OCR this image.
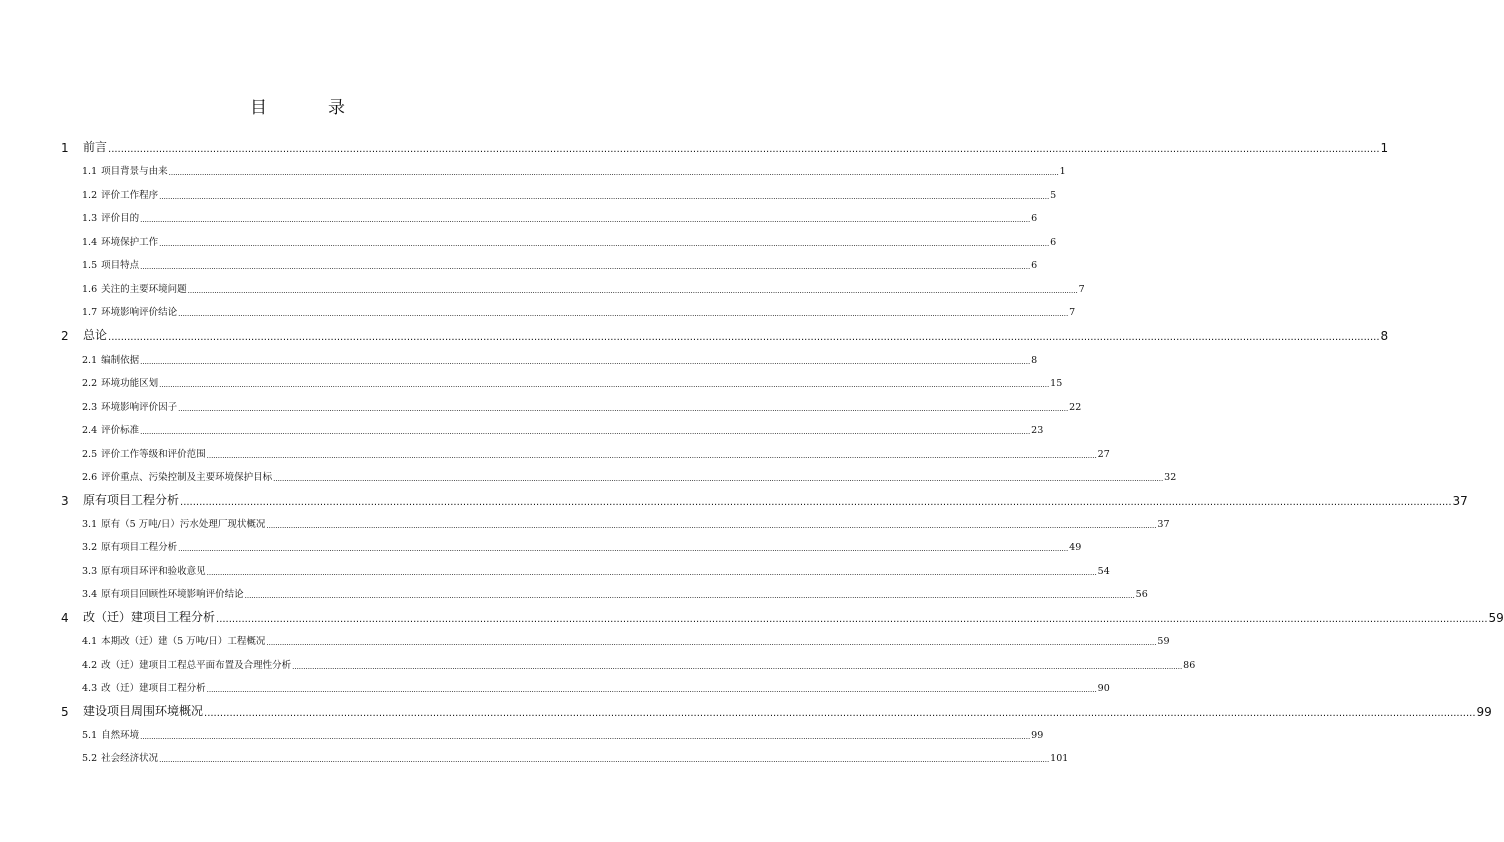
目　录
1	前言 ................................................................................................................................................................................................................................................................................................................................................................................................................ 1
1.1 项目背景与由来 ................................................................................................................................................................................................................................................................................................................................................................................................................ 1
1.2 评价工作程序 ................................................................................................................................................................................................................................................................................................................................................................................................................ 5
1.3 评价目的 ................................................................................................................................................................................................................................................................................................................................................................................................................ 6
1.4 环境保护工作 ................................................................................................................................................................................................................................................................................................................................................................................................................ 6
1.5 项目特点 ................................................................................................................................................................................................................................................................................................................................................................................................................ 6
1.6 关注的主要环境问题 ................................................................................................................................................................................................................................................................................................................................................................................................................ 7
1.7 环境影响评价结论 ................................................................................................................................................................................................................................................................................................................................................................................................................ 7
2	总论 ................................................................................................................................................................................................................................................................................................................................................................................................................ 8
2.1 编制依据 ................................................................................................................................................................................................................................................................................................................................................................................................................ 8
2.2 环境功能区划 ................................................................................................................................................................................................................................................................................................................................................................................................................ 15
2.3 环境影响评价因子 ................................................................................................................................................................................................................................................................................................................................................................................................................ 22
2.4 评价标准 ................................................................................................................................................................................................................................................................................................................................................................................................................ 23
2.5 评价工作等级和评价范围 ................................................................................................................................................................................................................................................................................................................................................................................................................ 27
2.6 评价重点、污染控制及主要环境保护目标 ................................................................................................................................................................................................................................................................................................................................................................................................................ 32
3	原有项目工程分析 ................................................................................................................................................................................................................................................................................................................................................................................................................ 37
3.1 原有（5 万吨/日）污水处理厂现状概况 ................................................................................................................................................................................................................................................................................................................................................................................................................ 37
3.2 原有项目工程分析 ................................................................................................................................................................................................................................................................................................................................................................................................................ 49
3.3 原有项目环评和验收意见 ................................................................................................................................................................................................................................................................................................................................................................................................................ 54
3.4 原有项目回顾性环境影响评价结论 ................................................................................................................................................................................................................................................................................................................................................................................................................ 56
4	改（迁）建项目工程分析 ................................................................................................................................................................................................................................................................................................................................................................................................................ 59
4.1 本期改（迁）建（5 万吨/日）工程概况 ................................................................................................................................................................................................................................................................................................................................................................................................................ 59
4.2 改（迁）建项目工程总平面布置及合理性分析 ................................................................................................................................................................................................................................................................................................................................................................................................................ 86
4.3 改（迁）建项目工程分析 ................................................................................................................................................................................................................................................................................................................................................................................................................ 90
5	建设项目周围环境概况 ................................................................................................................................................................................................................................................................................................................................................................................................................ 99
5.1 自然环境 ................................................................................................................................................................................................................................................................................................................................................................................................................ 99
5.2 社会经济状况 ................................................................................................................................................................................................................................................................................................................................................................................................................ 101
